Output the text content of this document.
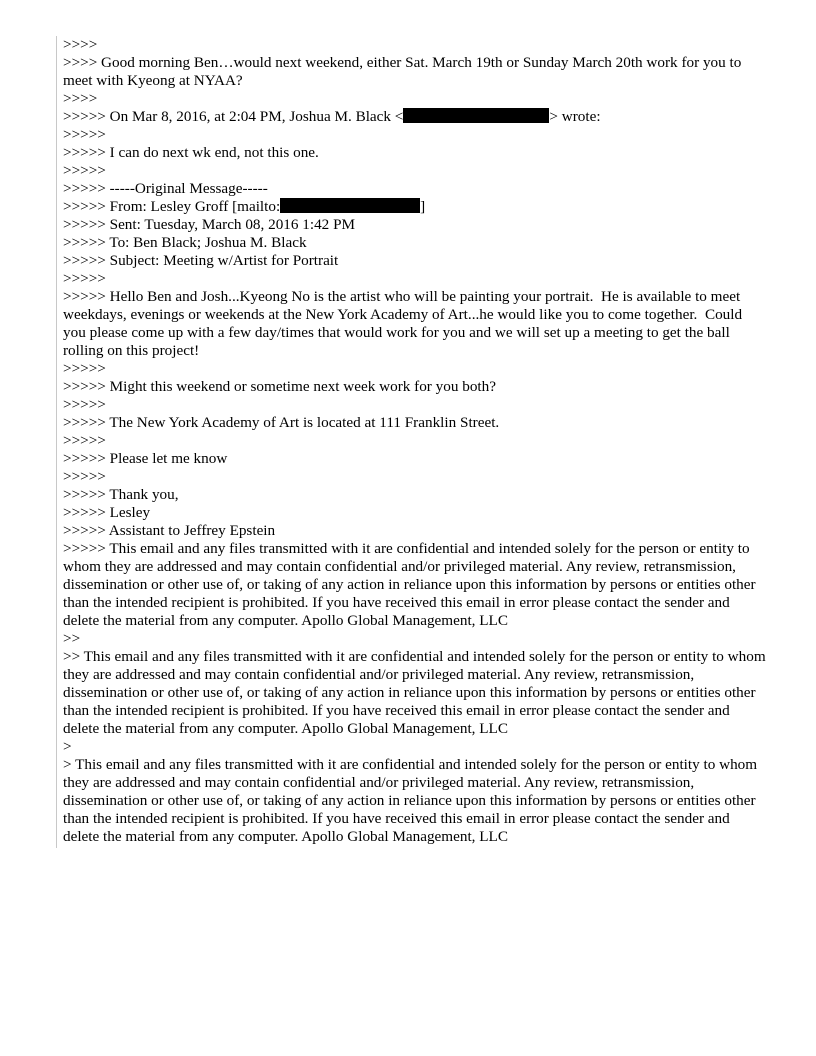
>>>>
>>>> Good morning Ben…would next weekend, either Sat. March 19th or Sunday March 20th work for you to meet with Kyeong at NYAA?
>>>>
>>>>> On Mar 8, 2016, at 2:04 PM, Joshua M. Black <	> wrote:
>>>>>
>>>>> I can do next wk end, not this one.
>>>>>
>>>>> -----Original Message-----
>>>>> From: Lesley Groff [mailto:	]
>>>>> Sent: Tuesday, March 08, 2016 1:42 PM
>>>>> To: Ben Black; Joshua M. Black
>>>>> Subject: Meeting w/Artist for Portrait
>>>>>
>>>>> Hello Ben and Josh...Kyeong No is the artist who will be painting your portrait.  He is available to meet weekdays, evenings or weekends at the New York Academy of Art...he would like you to come together.  Could you please come up with a few day/times that would work for you and we will set up a meeting to get the ball rolling on this project!
>>>>>
>>>>> Might this weekend or sometime next week work for you both?
>>>>>
>>>>> The New York Academy of Art is located at 111 Franklin Street.
>>>>>
>>>>> Please let me know
>>>>>
>>>>> Thank you,
>>>>> Lesley
>>>>> Assistant to Jeffrey Epstein
>>>>> This email and any files transmitted with it are confidential and intended solely for the person or entity to whom they are addressed and may contain confidential and/or privileged material. Any review, retransmission, dissemination or other use of, or taking of any action in reliance upon this information by persons or entities other than the intended recipient is prohibited. If you have received this email in error please contact the sender and delete the material from any computer. Apollo Global Management, LLC
>>
>> This email and any files transmitted with it are confidential and intended solely for the person or entity to whom they are addressed and may contain confidential and/or privileged material. Any review, retransmission, dissemination or other use of, or taking of any action in reliance upon this information by persons or entities other than the intended recipient is prohibited. If you have received this email in error please contact the sender and delete the material from any computer. Apollo Global Management, LLC
>
> This email and any files transmitted with it are confidential and intended solely for the person or entity to whom they are addressed and may contain confidential and/or privileged material. Any review, retransmission, dissemination or other use of, or taking of any action in reliance upon this information by persons or entities other than the intended recipient is prohibited. If you have received this email in error please contact the sender and delete the material from any computer. Apollo Global Management, LLC
